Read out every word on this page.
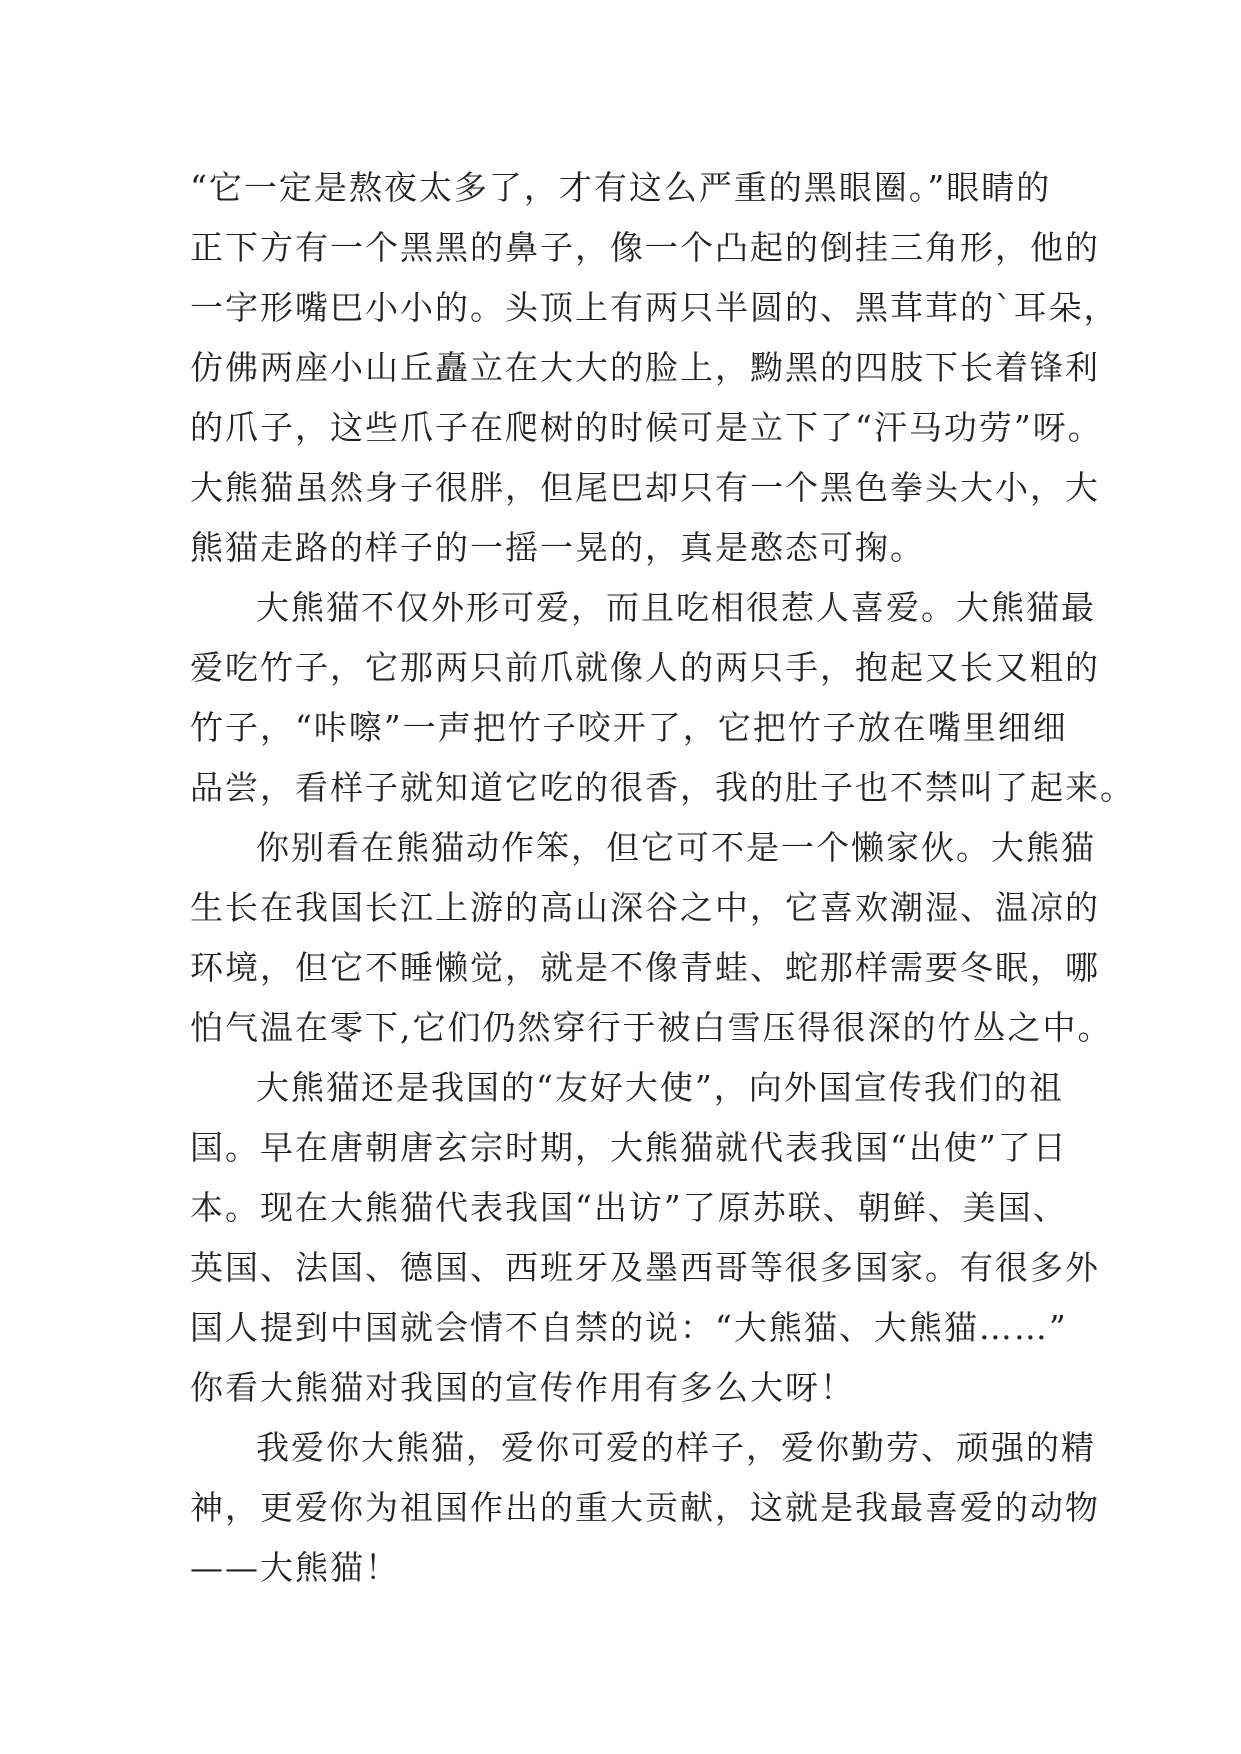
“它一定是熬夜太多了，才有这么严重的黑眼圈。”眼睛的
正下方有一个黑黑的鼻子，像一个凸起的倒挂三角形，他的
一字形嘴巴小小的。头顶上有两只半圆的、黑茸茸的`耳朵，
仿佛两座小山丘矗立在大大的脸上，黝黑的四肢下长着锋利
的爪子，这些爪子在爬树的时候可是立下了“汗马功劳”呀。
大熊猫虽然身子很胖，但尾巴却只有一个黑色拳头大小，大
熊猫走路的样子的一摇一晃的，真是憨态可掬。
大熊猫不仅外形可爱，而且吃相很惹人喜爱。大熊猫最
爱吃竹子，它那两只前爪就像人的两只手，抱起又长又粗的
竹子，“咔嚓”一声把竹子咬开了，它把竹子放在嘴里细细
品尝，看样子就知道它吃的很香，我的肚子也不禁叫了起来。
你别看在熊猫动作笨，但它可不是一个懒家伙。大熊猫
生长在我国长江上游的高山深谷之中，它喜欢潮湿、温凉的
环境，但它不睡懒觉，就是不像青蛙、蛇那样需要冬眠，哪
怕气温在零下,它们仍然穿行于被白雪压得很深的竹丛之中。
大熊猫还是我国的“友好大使”，向外国宣传我们的祖
国。早在唐朝唐玄宗时期，大熊猫就代表我国“出使”了日
本。现在大熊猫代表我国“出访”了原苏联、朝鲜、美国、
英国、法国、德国、西班牙及墨西哥等很多国家。有很多外
国人提到中国就会情不自禁的说：“大熊猫、大熊猫……”
你看大熊猫对我国的宣传作用有多么大呀！
我爱你大熊猫，爱你可爱的样子，爱你勤劳、顽强的精
神，更爱你为祖国作出的重大贡献，这就是我最喜爱的动物
——大熊猫！
